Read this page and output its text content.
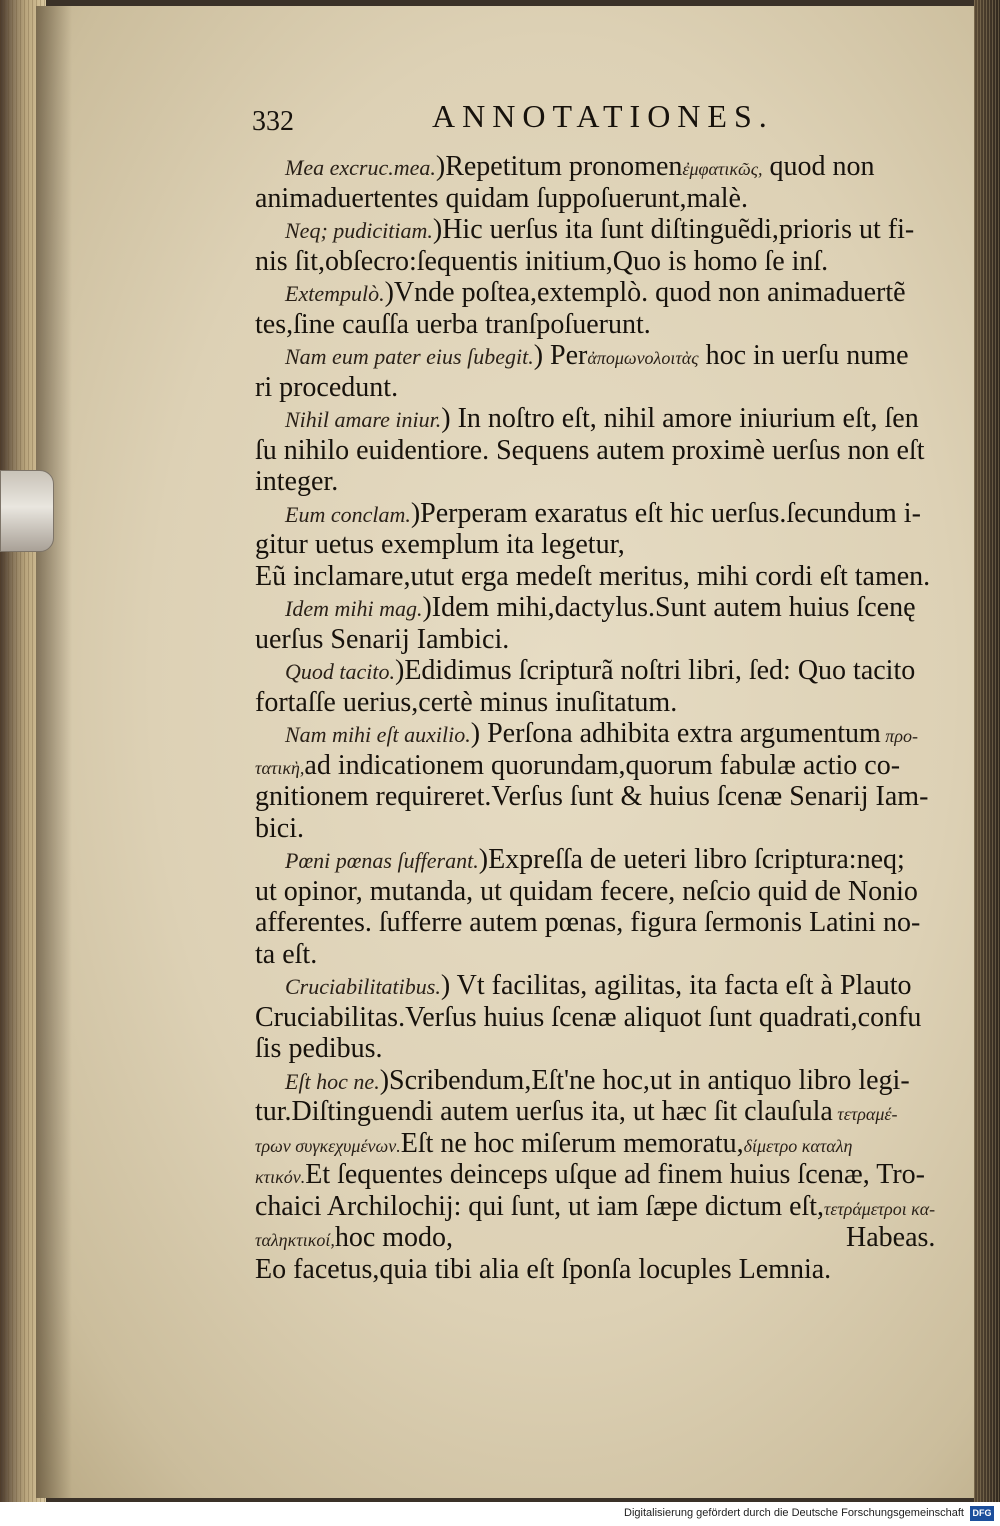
332	ANNOTATIONES.
Mea excruc.mea.)Repetitum pronomenἐμφατικῶς, quod non
animaduertentes quidam ſuppoſuerunt,malè.
Neq; pudicitiam.)Hic uerſus ita ſunt diſtinguẽdi,prioris ut fi-
nis ſit,obſecro:ſequentis initium,Quo is homo ſe inſ.
Extempulò.)Vnde poſtea,extemplò. quod non animaduertẽ
tes,ſine cauſſa uerba tranſpoſuerunt.
Nam eum pater eius ſubegit.) Perἀπομωνολοιτὰς hoc in uerſu nume
ri procedunt.
Nihil amare iniur.) In noſtro eſt, nihil amore iniurium eſt, ſen
ſu nihilo euidentiore. Sequens autem proximè uerſus non eſt
integer.
Eum conclam.)Perperam exaratus eſt hic uerſus.ſecundum i-
gitur uetus exemplum ita legetur,
Eũ inclamare,utut erga medeſt meritus, mihi cordi eſt tamen.
Idem mihi mag.)Idem mihi,dactylus.Sunt autem huius ſcenę
uerſus Senarij Iambici.
Quod tacito.)Edidimus ſcripturã noſtri libri, ſed: Quo tacito
fortaſſe uerius,certè minus inuſitatum.
Nam mihi eſt auxilio.) Perſona adhibita extra argumentum πρo-
τατικὴ,ad indicationem quorundam,quorum fabulæ actio co-
gnitionem requireret.Verſus ſunt & huius ſcenæ Senarij Iam-
bici.
Pœni pœnas ſufferant.)Expreſſa de ueteri libro ſcriptura:neq;
ut opinor, mutanda, ut quidam fecere, neſcio quid de Nonio
afferentes. ſufferre autem pœnas, figura ſermonis Latini no-
ta eſt.
Cruciabilitatibus.) Vt facilitas, agilitas, ita facta eſt à Plauto
Cruciabilitas.Verſus huius ſcenæ aliquot ſunt quadrati,confu
ſis pedibus.
Eſt hoc ne.)Scribendum,Eſt'ne hoc,ut in antiquo libro legi-
tur.Diſtinguendi autem uerſus ita, ut hæc ſit clauſula τετραμέ-
τρων συγκεχυμένων.Eſt ne hoc miſerum memoratu,δίμετρο καταλη
κτικόν.Et ſequentes deinceps uſque ad finem huius ſcenæ, Tro-
chaici Archilochij: qui ſunt, ut iam ſæpe dictum eſt,τετράμετροι κα-
ταληκτικοί,hoc modo,
Eo facetus,quia tibi alia eſt ſponſa locuples Lemnia.
Habeas.
Digitalisierung gefördert durch die Deutsche Forschungsgemeinschaft DFG
